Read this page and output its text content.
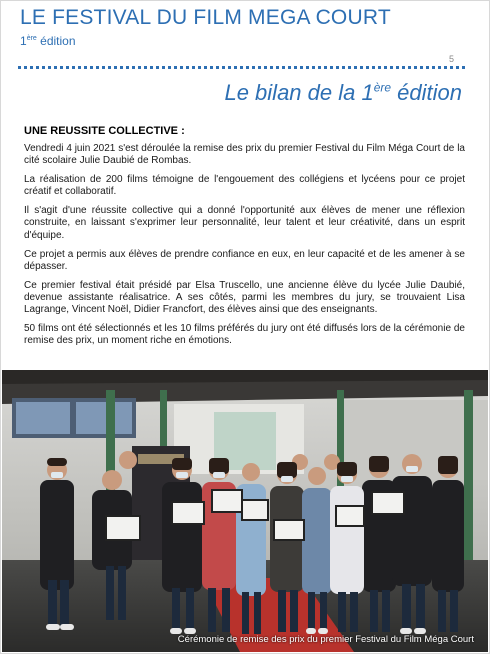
LE FESTIVAL DU FILM MEGA COURT
1ère édition
5
Le bilan de la 1ère édition
UNE REUSSITE COLLECTIVE :

Vendredi 4 juin 2021 s'est déroulée la remise des prix du premier Festival du Film Méga Court de la cité scolaire Julie Daubié de Rombas.

La réalisation de 200 films témoigne de l'engouement des collégiens et lycéens pour ce projet créatif et collaboratif.

Il s'agit d'une réussite collective qui a donné l'opportunité aux élèves de mener une réflexion construite, en laissant s'exprimer leur personnalité, leur talent et leur créativité, dans un esprit d'équipe.

Ce projet a permis aux élèves de prendre confiance en eux, en leur capacité et de les amener à se dépasser.

Ce premier festival était présidé par Elsa Truscello, une ancienne élève du lycée Julie Daubié, devenue assistante réalisatrice. A ses côtés, parmi les membres du jury, se trouvaient Lisa Lagrange, Vincent Noël, Didier Francfort, des élèves ainsi que des enseignants.

50 films ont été sélectionnés et les 10 films préférés du jury ont été diffusés lors de la cérémonie de remise des prix, un moment riche en émotions.

Cérémonie de remise des prix du premier Festival du Film Méga Court
